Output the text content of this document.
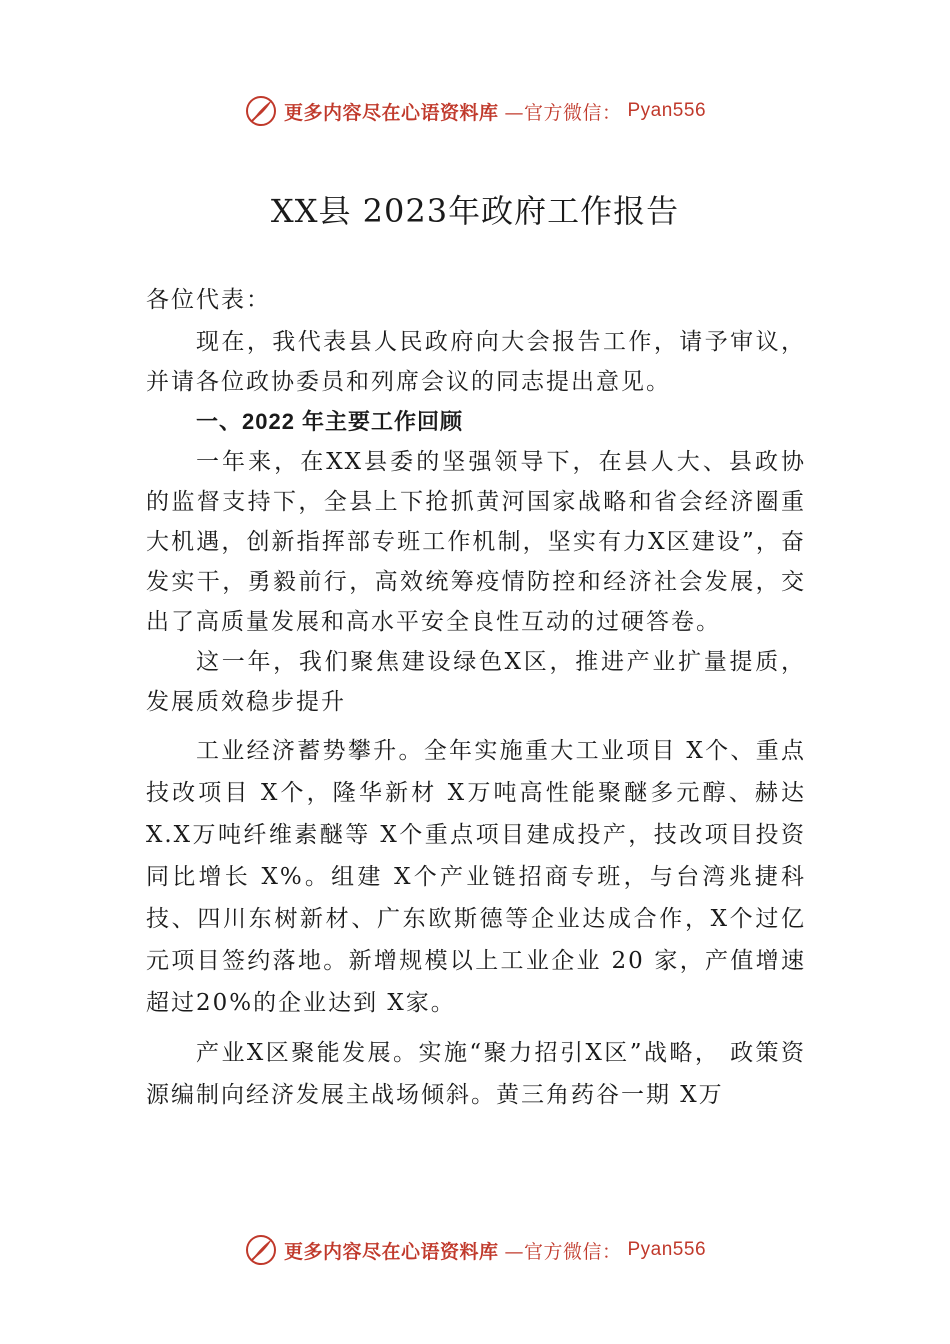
更多内容尽在心语资料库 —官方微信： Pyan556
XX县 2023年政府工作报告

各位代表：

现在，我代表县人民政府向大会报告工作，请予审议，并请各位政协委员和列席会议的同志提出意见。

一、2022 年主要工作回顾

一年来，在XX县委的坚强领导下，在县人大、县政协的监督支持下，全县上下抢抓黄河国家战略和省会经济圈重大机遇，创新指挥部专班工作机制，坚实有力X区建设”，奋发实干，勇毅前行，高效统筹疫情防控和经济社会发展，交出了高质量发展和高水平安全良性互动的过硬答卷。

这一年，我们聚焦建设绿色X区，推进产业扩量提质，发展质效稳步提升

工业经济蓄势攀升。全年实施重大工业项目 X个、重点技改项目 X个，隆华新材 X万吨高性能聚醚多元醇、赫达X.X万吨纤维素醚等 X个重点项目建成投产，技改项目投资同比增长 X%。组建 X个产业链招商专班，与台湾兆捷科技、四川东树新材、广东欧斯德等企业达成合作，X个过亿元项目签约落地。新增规模以上工业企业 20 家，产值增速超过20%的企业达到 X家。

产业X区聚能发展。实施“聚力招引X区”战略， 政策资源编制向经济发展主战场倾斜。黄三角药谷一期 X万

更多内容尽在心语资料库 —官方微信： Pyan556
